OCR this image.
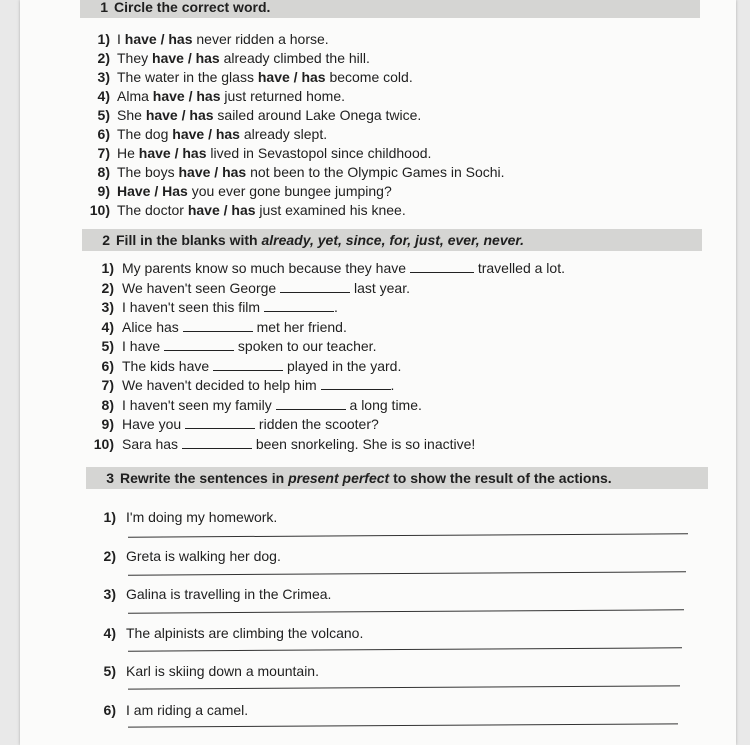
1 Circle the correct word.
1) I have / has never ridden a horse.
2) They have / has already climbed the hill.
3) The water in the glass have / has become cold.
4) Alma have / has just returned home.
5) She have / has sailed around Lake Onega twice.
6) The dog have / has already slept.
7) He have / has lived in Sevastopol since childhood.
8) The boys have / has not been to the Olympic Games in Sochi.
9) Have / Has you ever gone bungee jumping?
10) The doctor have / has just examined his knee.
2 Fill in the blanks with already, yet, since, for, just, ever, never.
1) My parents know so much because they have	travelled a lot.
2) We haven't seen George	last year.
3) I haven't seen this film	.
4) Alice has	met her friend.
5) I have	spoken to our teacher.
6) The kids have	played in the yard.
7) We haven't decided to help him	.
8) I haven't seen my family	a long time.
9) Have you	ridden the scooter?
10) Sara has	been snorkeling. She is so inactive!
3 Rewrite the sentences in present perfect to show the result of the actions.
1) I'm doing my homework.
2) Greta is walking her dog.
3) Galina is travelling in the Crimea.
4) The alpinists are climbing the volcano.
5) Karl is skiing down a mountain.
6) I am riding a camel.
